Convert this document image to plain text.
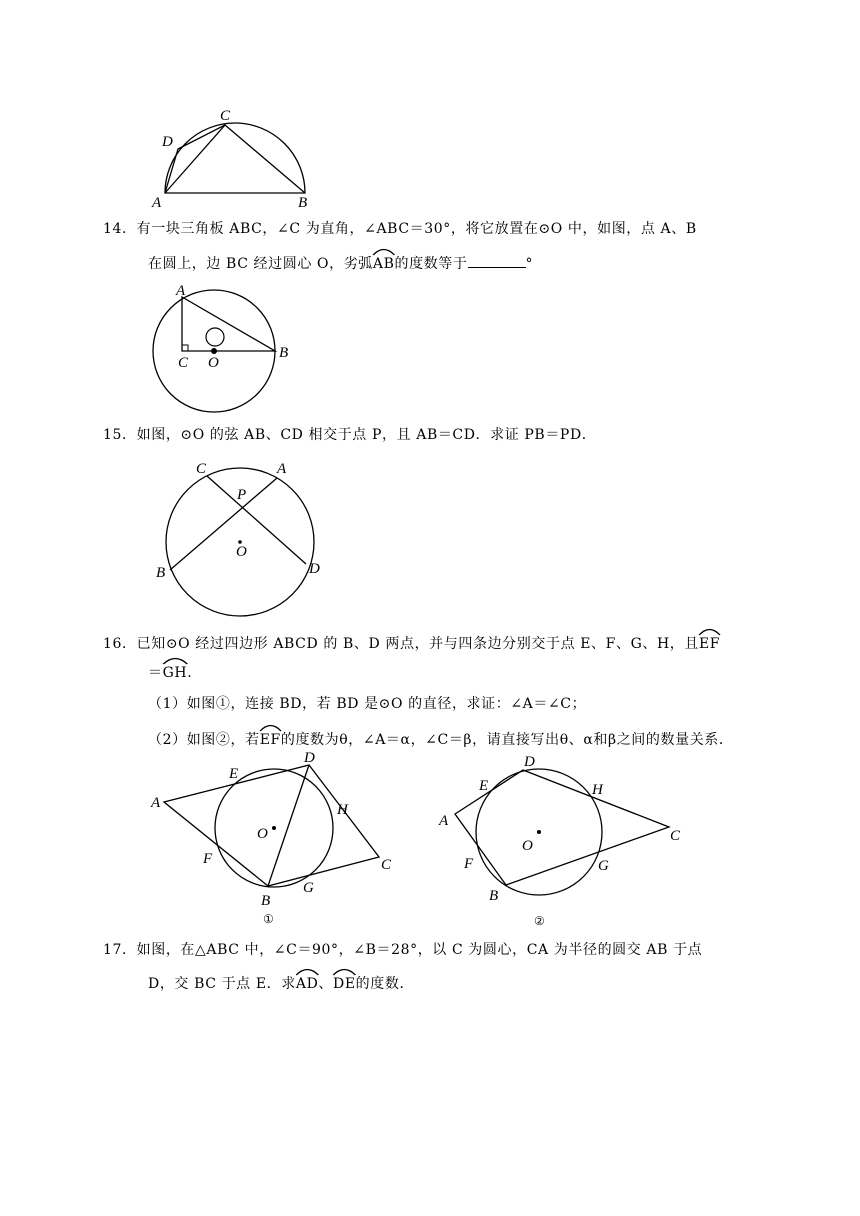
C
D
A	B
14．有一块三角板 ABC，∠C 为直角，∠ABC＝30°，将它放置在⊙O 中，如图，点 A、B
在圆上，边 BC 经过圆心 O，劣弧
AB的度数等于	°
A
B
C O
15．如图，⊙O 的弦 AB、CD 相交于点 P，且 AB＝CD．求证 PB＝PD．
C	A
P
O
B	D
16．已知⊙O 经过四边形 ABCD 的 B、D 两点，并与四条边分别交于点 E、F、G、H，且
EF
＝
GH.
（1）如图①，连接 BD，若 BD 是⊙O 的直径，求证：∠A＝∠C；
（2）如图②，若
EF的度数为θ，∠A＝α，∠C＝β，请直接写出θ、α和β之间的数量关系．
A
E
D
H
O
F
B
G
C
①
E
D
H
A
C
O
F	G
B
②
17．如图，在△ABC 中，∠C＝90°，∠B＝28°，以 C 为圆心，CA 为半径的圆交 AB 于点
D，交 BC 于点 E．求
AD、
DE的度数．
